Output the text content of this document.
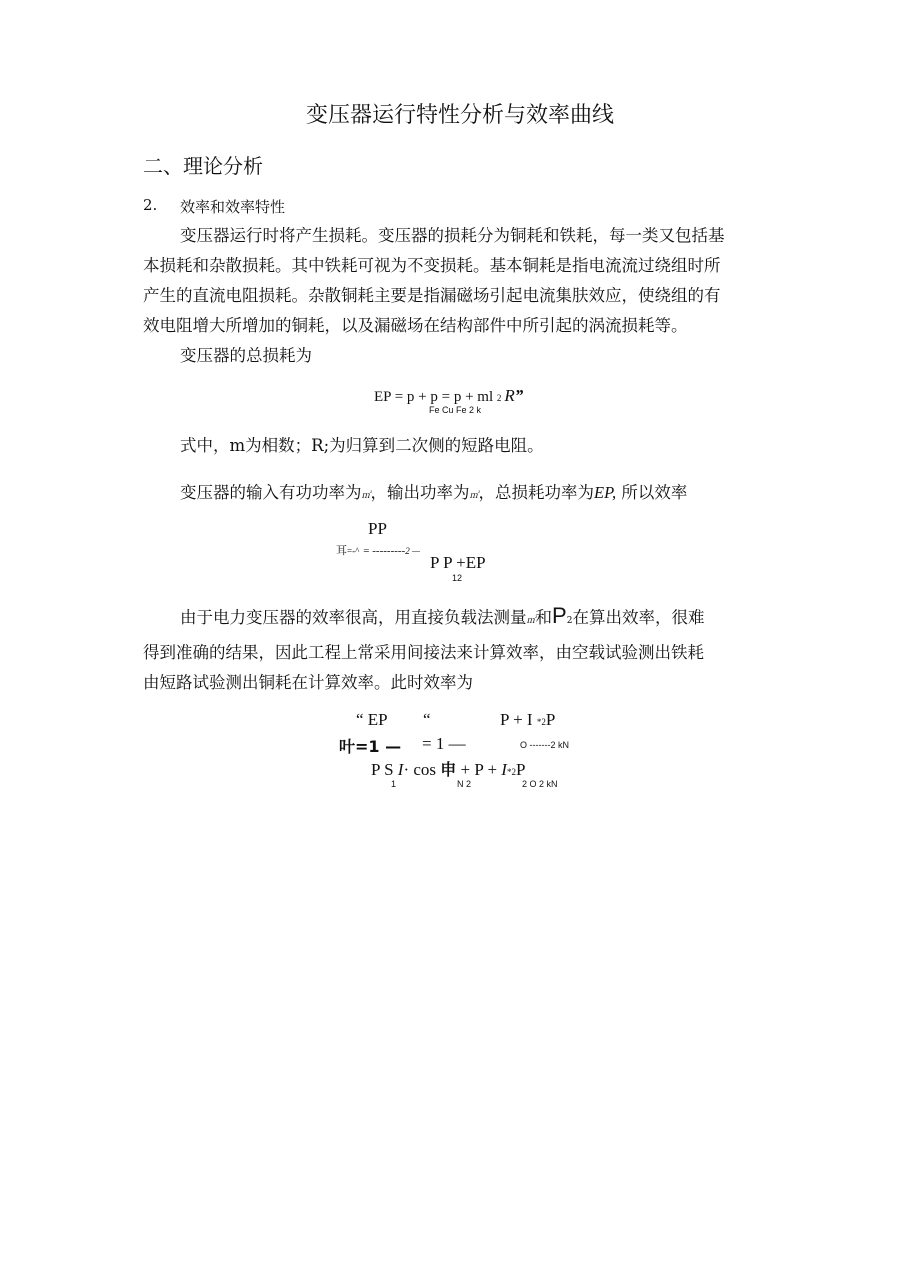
变压器运行特性分析与效率曲线
二、理论分析
2. 效率和效率特性
变压器运行时将产生损耗。变压器的损耗分为铜耗和铁耗，每一类又包括基
本损耗和杂散损耗。其中铁耗可视为不变损耗。基本铜耗是指电流流过绕组时所
产生的直流电阻损耗。杂散铜耗主要是指漏磁场引起电流集肤效应，使绕组的有
效电阻增大所增加的铜耗，以及漏磁场在结构部件中所引起的涡流损耗等。
变压器的总损耗为
EP = p + p = p + ml 2 R”
Fe Cu Fe 2 k
式中，m为相数；R;为归算到二次侧的短路电阻。
变压器的输入有功功率为㎡，输出功率为㎡，总损耗功率为EP, 所以效率
PP
耳=-^ = ---------2 —
P P +EP
12
由于电力变压器的效率很高，用直接负载法测量㎡和P2在算出效率，很难
得到准确的结果，因此工程上常采用间接法来计算效率，由空载试验测出铁耗
由短路试验测出铜耗在计算效率。此时效率为
“ EP “	P + I *2P
叶=1 — = 1 —	O -------2 kN
P S I· cos 申 + P + I*2P
1	N 2	2 O 2 kN
